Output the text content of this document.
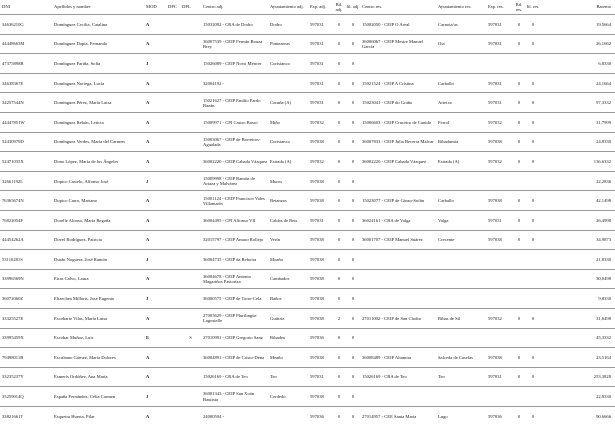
DNI	Apellidos y nombre	MOD	DPC	DPL	Centro adj.	Ayuntamiento adj.	Esp. adj.	Bil. adj.	Itl. adj.	Centro res.	Ayuntamiento res.	Esp. res.	Bil. res.	Itl. res.	Baremo
34636210G	Domínguez Cecilia, Catalina	A			15032092 - CRA de Dodro	Dodro	597031	0	0	15002050 - CEIP O Areal	Carnota/as	597031	0	0	19,5664
44448663M	Domínguez Dapía, Fernando	A			36007539 - CEIP Fermín Bouza Brey	Ponteareas	597031	0	0	36006067 - CEIP Mestre Manuel García	Oia	597031	0	0	26,1662
47375898B	Domínguez Fariña, Sofía	J			15026089 - CEIP Novo Mencer	Coristanco	597031	0	0						6,8330
34638367E	Domínguez Noriega, Lucía	A			32004192 -		597031	0	0	15021524 - CEIP A Cristina	Carballo	597031	0	0	24,1664
34257544N	Domínguez Pérez, María Luisa	A			15021627 - CEIP Emilio Pardo Bazán	Coruña (A)	597031	0	0	15023041 - CEIP do Graño	Arteixo	597031	0	0	97,3332
44447851W	Domínguez Rebón, Leticia	A			15009971 - CPI Castro Baxoi	Miño	597032	0	0	15006603 - CEIP Cruceiro de Canido	Ferrol	597032	0	0	31,7999
52430979D	Domínguez Verdes, María del Carmen	A			15003067 - CEIP de Borreiros-Agualada	Coristanco	597038	0	0	36007833 - CEIP Julia Becerra Malvar	Ribadumia	597038	0	0	24,8330
52471035X	Dono López, María de los Ángeles	A			36002220 - CEIP Cabada Vázquez	Estrada (A)	597032	0	0	36002220 - CEIP Cabada Vázquez	Estrada (A)	597032	0	0	136,6332
32661192L	Dopico Castelo, Alfonso José	J			15009998 - CEIP Ramón de Artaza y Malvárez	Muros	597038	0	0						22,2836
76365674N	Dopico Carro, Mariano	A			15001124 - CEIP Francisco Vales Villamarín	Betanzos	597038	0	0	15023077 - CEIP de Ginzo-Sofán	Carballo	597038	0	0	42,1498
76822054F	Dorelle Alonso, María Begoña	A			36004495 - CPI Alfonso VII	Caldas de Reis	597031	0	0	36024161 - CRA de Valga	Valga	597031	0	0	26,4998
44454262A	Dovel Rodríguez, Patricia	A			32015797 - CEIP Amaro Rollejo	Verín	597038	0	0	36001707 - CEIP Manuel Suárez	Crecente	597038	0	0	34,9873
53110281S	Durán Noguera, José Ramón	J			36004735 - CEIP da Reboira	Moaña	597038	0	0						21,8330
33996569N	Eiras Calvo, Laura	A			36004678 - CEIP Antonio Magariños Pastoriza	Cambados	597038	0	0						30,0498
36072060Z	Elizechea Millaris, Jose Eugenio	J			36000575 - CEIP de Torre-Cela	Baños	597038	0	0						9,8330
33325527E	Escobarte Vilas, María Luisa	A			27005629 - CEIP Plurilingüe Lagostelle	Guitiriz	597038	2	0	27011002 - CEIP de San Clodio	Ribas de Sil	597032	0	0	31,6498
33995459X	Escobar Muñoz, Luis	E		S	27010991 - CEIP Gregorio Sanz	Ribadeo	597036	0	0						45,3332
79498011B	Escribano Gómez, María Dolores	A			36004891 - CEIP de Cristo-Dena	Meaño	597038	0	0	36008489 - CEIP Altamira	Salceda de Caselas	597038	0	0	23,5164
33235237Y	Esmerís Ordóñez, Ana María	A			15026169 - CRA de Teo	Teo	597031	0	0	15026169 - CRA de Teo	Teo	597031	0	0	253,3828
35259014Q	España Fernández, Célia Carmen	J			36001343 - CEIP San Xoán Bautista	Cerdedo	597038	0	0						22,8330
33821661T	Esqueira Huerta, Pilar	A			24000504 -		597036	0	0	27014957 - CEE Santa María	Lugo	597036	0	0	90,6666
